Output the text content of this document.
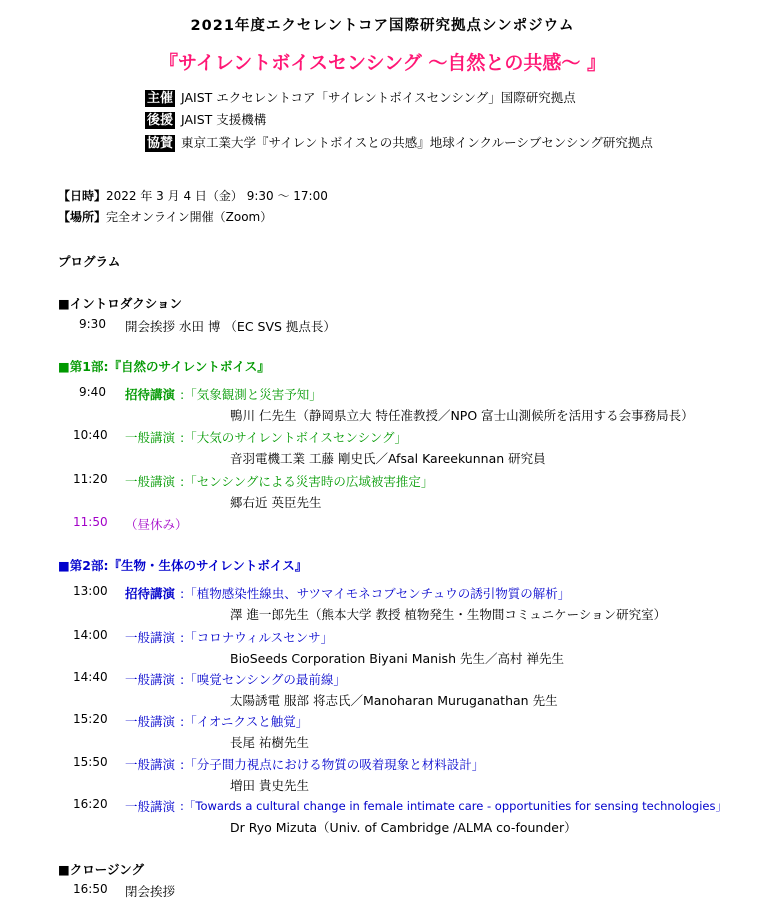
2021年度エクセレントコア国際研究拠点シンポジウム
『サイレントボイスセンシング ～自然との共感～ 』
主催 JAIST エクセレントコア「サイレントボイスセンシング」国際研究拠点
後援 JAIST 支援機構
協賛 東京工業大学『サイレントボイスとの共感』地球インクルーシブセンシング研究拠点
【日時】2022 年 3 月 4 日（金） 9:30 ～ 17:00
【場所】完全オンライン開催（Zoom）
プログラム
■イントロダクション
9:30 開会挨拶 水田 博 （EC SVS 拠点長）
■第1部:『自然のサイレントボイス』
9:40 招待講演 :「気象観測と災害予知」
鴨川 仁先生（静岡県立大 特任准教授／NPO 富士山測候所を活用する会事務局長）
10:40 一般講演 :「大気のサイレントボイスセンシング」
音羽電機工業 工藤 剛史氏／Afsal Kareekunnan 研究員
11:20 一般講演 :「センシングによる災害時の広域被害推定」
郷右近 英臣先生
11:50 （昼休み）
■第2部:『生物・生体のサイレントボイス』
13:00 招待講演 :「植物感染性線虫、サツマイモネコブセンチュウの誘引物質の解析」
澤 進一郎先生（熊本大学 教授 植物発生・生物間コミュニケーション研究室）
14:00 一般講演 :「コロナウィルスセンサ」
BioSeeds Corporation Biyani Manish 先生／高村 禅先生
14:40 一般講演 :「嗅覚センシングの最前線」
太陽誘電 服部 将志氏／Manoharan Muruganathan 先生
15:20 一般講演 :「イオニクスと触覚」
長尾 祐樹先生
15:50 一般講演 :「分子間力視点における物質の吸着現象と材料設計」
増田 貴史先生
16:20 一般講演 :「Towards a cultural change in female intimate care - opportunities for sensing technologies」
Dr Ryo Mizuta（Univ. of Cambridge /ALMA co-founder）
■クロージング
16:50 閉会挨拶
